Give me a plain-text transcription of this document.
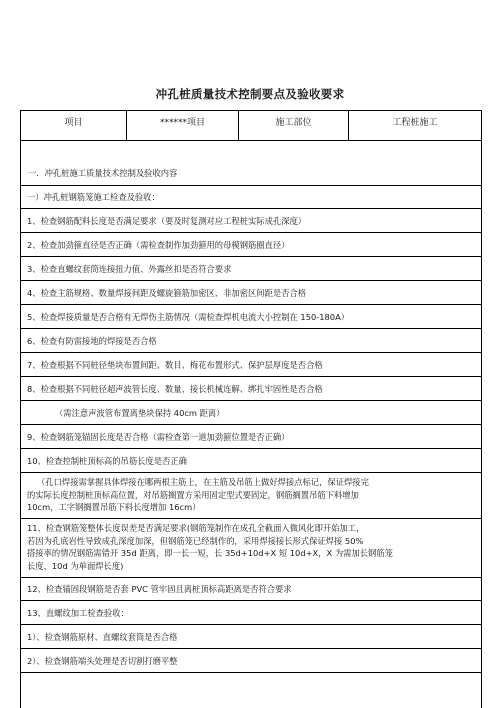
冲孔桩质量技术控制要点及验收要求
项目	******项目	施工部位	工程桩施工
一．冲孔桩施工质量技术控制及验收内容
一）冲孔桩钢筋笼施工检查及验收：
1、检查钢筋配料长度是否满足要求（要及时复测对应工程桩实际成孔深度）
2、检查加劲箍直径是否正确（需检查制作加劲箍用的母模钢筋圈直径）
3、检查直螺纹套筒连接扭力值、外露丝扣是否符合要求
4、检查主筋规格、数量焊接间距及螺旋箍筋加密区、非加密区间距是否合格
5、检查焊接质量是否合格有无焊伤主筋情况（需检查焊机电流大小控制在 150-180A）
6、检查有防雷接地的焊接是否合格
7、检查根据不同桩径垫块布置间距、数目、梅花布置形式、保护层厚度是否合格
8、检查根据不同桩径超声波管长度、数量、接长机械连解、绑扎牢固性是否合格
（需注意声波管布置离垫块保持 40cm 距离）
9、检查钢筋笼锚固长度是否合格（需检查第一道加劲箍位置是否正确）
10、检查控制桩顶标高的吊筋长度是否正确
（孔口焊接需掌握具体焊接在哪两根主筋上，在主筋及吊筋上做好焊接点标记，保证焊接完
的实际长度控制桩顶标高位置，对吊筋搁置方采用固定型式要固定，钢筋搁置吊筋下料增加
10cm，工字钢搁置吊筋下料长度增加 16cm）
11、检查钢筋笼整体长度误差是否满足要求(钢筋笼制作在成孔全截面入微风化即开始加工，
若因为孔底岩性导致成孔深度加深，但钢筋笼已经制作的，采用焊接接长形式保证焊接 50%
搭接率的情况钢筋需错开 35d 距离，即一长一短，长 35d+10d+X 短 10d+X，X 为需加长钢筋笼
长度，10d 为单面焊长度)
12、检查锚固段钢筋是否套 PVC 管牢固且离桩顶标高距离是否符合要求
13、直螺纹加工检查验收：
1）、检查钢筋原材、直螺纹套筒是否合格
2）、检查钢筋端头处理是否切割打磨平整
